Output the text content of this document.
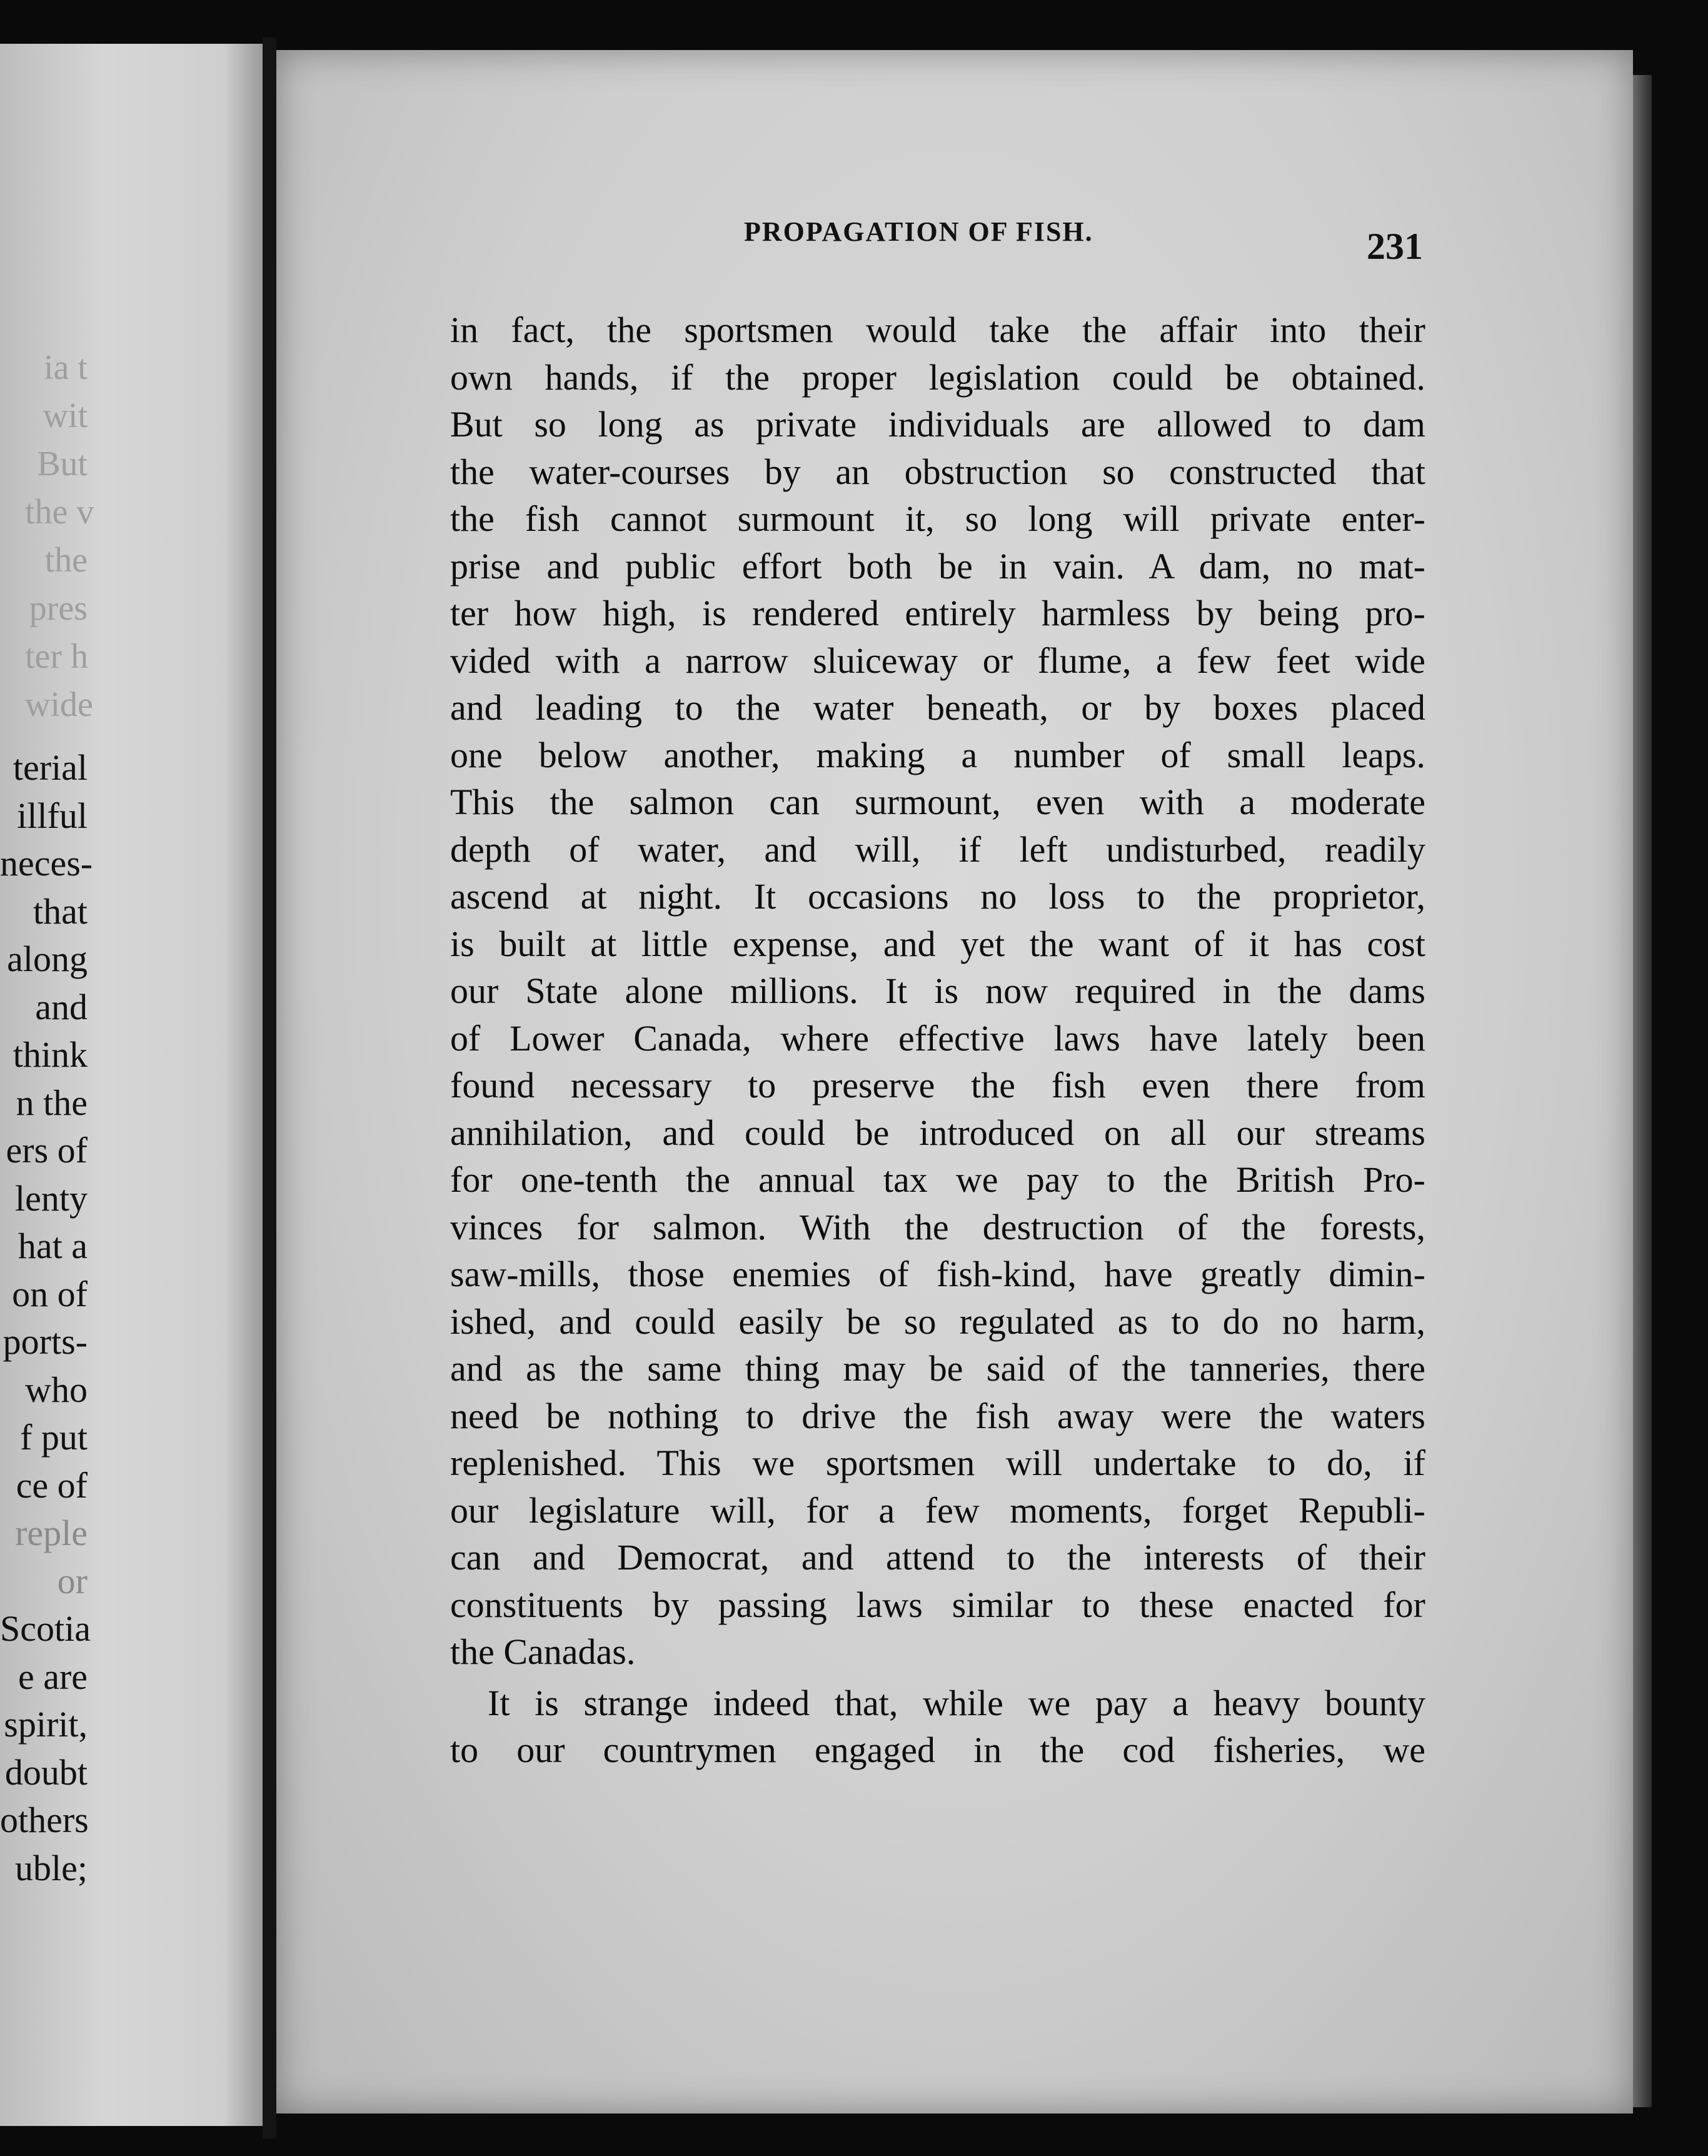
ia t
wit
But
the v
the
pres
ter h
wide
terial
illful
neces-
that
along
and
think
n the
ers of
lenty
hat a
on of
ports-
who
f put
ce of
reple
or
Scotia
e are
spirit,
doubt
others
uble;
PROPAGATION OF FISH.	231
in fact, the sportsmen would take the affair into their
own hands, if the proper legislation could be obtained.
But so long as private individuals are allowed to dam
the water-courses by an obstruction so constructed that
the fish cannot surmount it, so long will private enter-
prise and public effort both be in vain. A dam, no mat-
ter how high, is rendered entirely harmless by being pro-
vided with a narrow sluiceway or flume, a few feet wide
and leading to the water beneath, or by boxes placed
one below another, making a number of small leaps.
This the salmon can surmount, even with a moderate
depth of water, and will, if left undisturbed, readily
ascend at night. It occasions no loss to the proprietor,
is built at little expense, and yet the want of it has cost
our State alone millions. It is now required in the dams
of Lower Canada, where effective laws have lately been
found necessary to preserve the fish even there from
annihilation, and could be introduced on all our streams
for one-tenth the annual tax we pay to the British Pro-
vinces for salmon. With the destruction of the forests,
saw-mills, those enemies of fish-kind, have greatly dimin-
ished, and could easily be so regulated as to do no harm,
and as the same thing may be said of the tanneries, there
need be nothing to drive the fish away were the waters
replenished. This we sportsmen will undertake to do, if
our legislature will, for a few moments, forget Republi-
can and Democrat, and attend to the interests of their
constituents by passing laws similar to these enacted for
the Canadas.
It is strange indeed that, while we pay a heavy bounty
to our countrymen engaged in the cod fisheries, we
